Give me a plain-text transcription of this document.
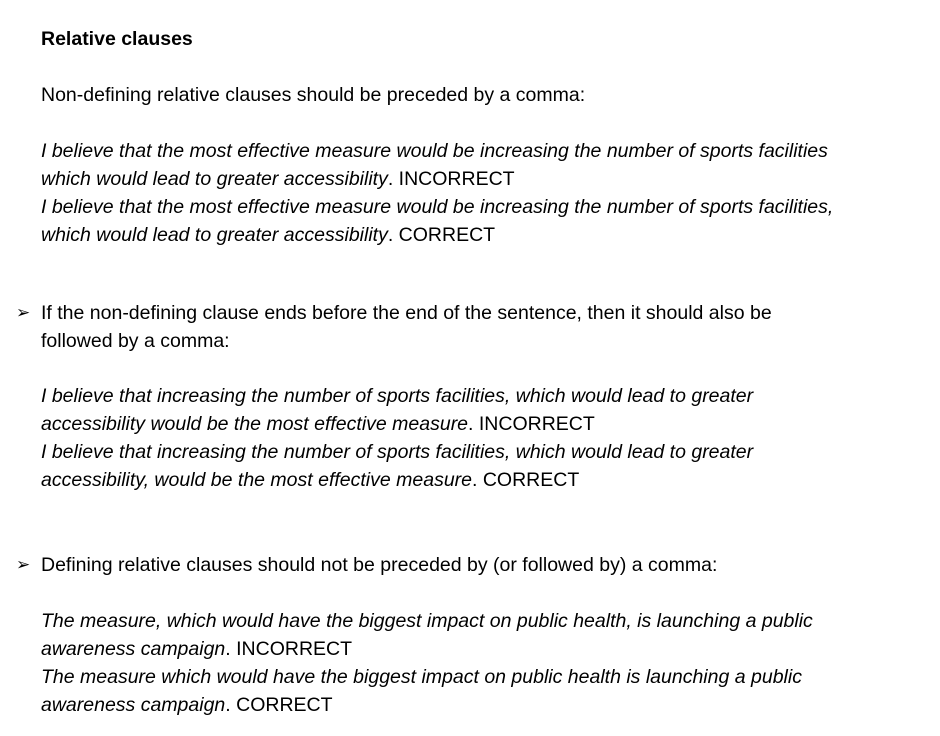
Relative clauses

Non-defining relative clauses should be preceded by a comma:

I believe that the most effective measure would be increasing the number of sports facilities
which would lead to greater accessibility. INCORRECT
I believe that the most effective measure would be increasing the number of sports facilities,
which would lead to greater accessibility. CORRECT
➢ If the non-defining clause ends before the end of the sentence, then it should also be
followed by a comma:
I believe that increasing the number of sports facilities, which would lead to greater
accessibility would be the most effective measure. INCORRECT
I believe that increasing the number of sports facilities, which would lead to greater
accessibility, would be the most effective measure. CORRECT
➢ Defining relative clauses should not be preceded by (or followed by) a comma:
The measure, which would have the biggest impact on public health, is launching a public
awareness campaign. INCORRECT
The measure which would have the biggest impact on public health is launching a public
awareness campaign. CORRECT
